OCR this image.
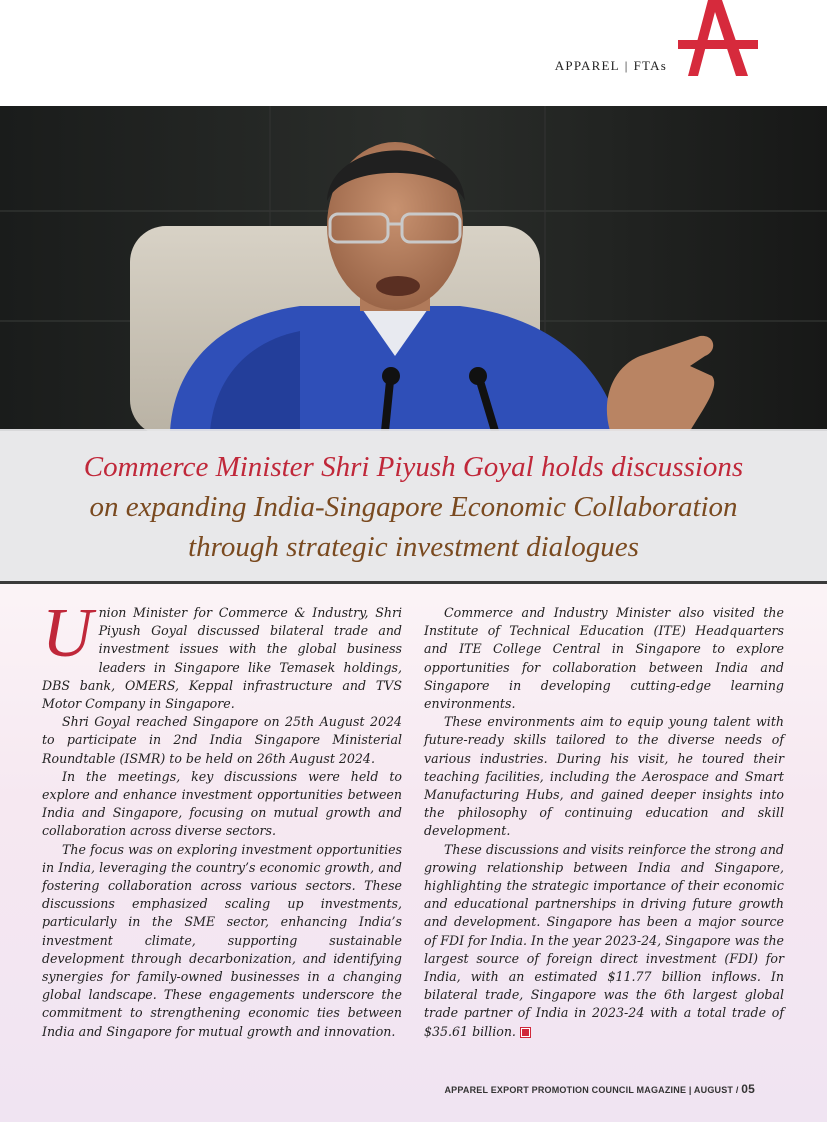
APPAREL | FTAs
Commerce Minister Shri Piyush Goyal holds discussions
on expanding India-Singapore Economic Collaboration
through strategic investment dialogues

Union Minister for Commerce & Industry, Shri Piyush Goyal discussed bilateral trade and investment issues with the global business leaders in Singapore like Temasek holdings, DBS bank, OMERS, Keppal infrastructure and TVS Motor Company in Singapore.

Shri Goyal reached Singapore on 25th August 2024 to participate in 2nd India Singapore Ministerial Roundtable (ISMR) to be held on 26th August 2024.

In the meetings, key discussions were held to explore and enhance investment opportunities between India and Singapore, focusing on mutual growth and collaboration across diverse sectors.

The focus was on exploring investment opportunities in India, leveraging the country’s economic growth, and fostering collaboration across various sectors. These discussions emphasized scaling up investments, particularly in the SME sector, enhancing India’s investment climate, supporting sustainable development through decarbonization, and identifying synergies for family-owned businesses in a changing global landscape. These engagements underscore the commitment to strengthening economic ties between India and Singapore for mutual growth and innovation.

Commerce and Industry Minister also visited the Institute of Technical Education (ITE) Headquarters and ITE College Central in Singapore to explore opportunities for collaboration between India and Singapore in developing cutting-edge learning environments.

These environments aim to equip young talent with future-ready skills tailored to the diverse needs of various industries. During his visit, he toured their teaching facilities, including the Aerospace and Smart Manufacturing Hubs, and gained deeper insights into the philosophy of continuing education and skill development.

These discussions and visits reinforce the strong and growing relationship between India and Singapore, highlighting the strategic importance of their economic and educational partnerships in driving future growth and development. Singapore has been a major source of FDI for India. In the year 2023-24, Singapore was the largest source of foreign direct investment (FDI) for India, with an estimated $11.77 billion inflows. In bilateral trade, Singapore was the 6th largest global trade partner of India in 2023-24 with a total trade of $35.61 billion.

APPAREL EXPORT PROMOTION COUNCIL MAGAZINE | AUGUST / 05
